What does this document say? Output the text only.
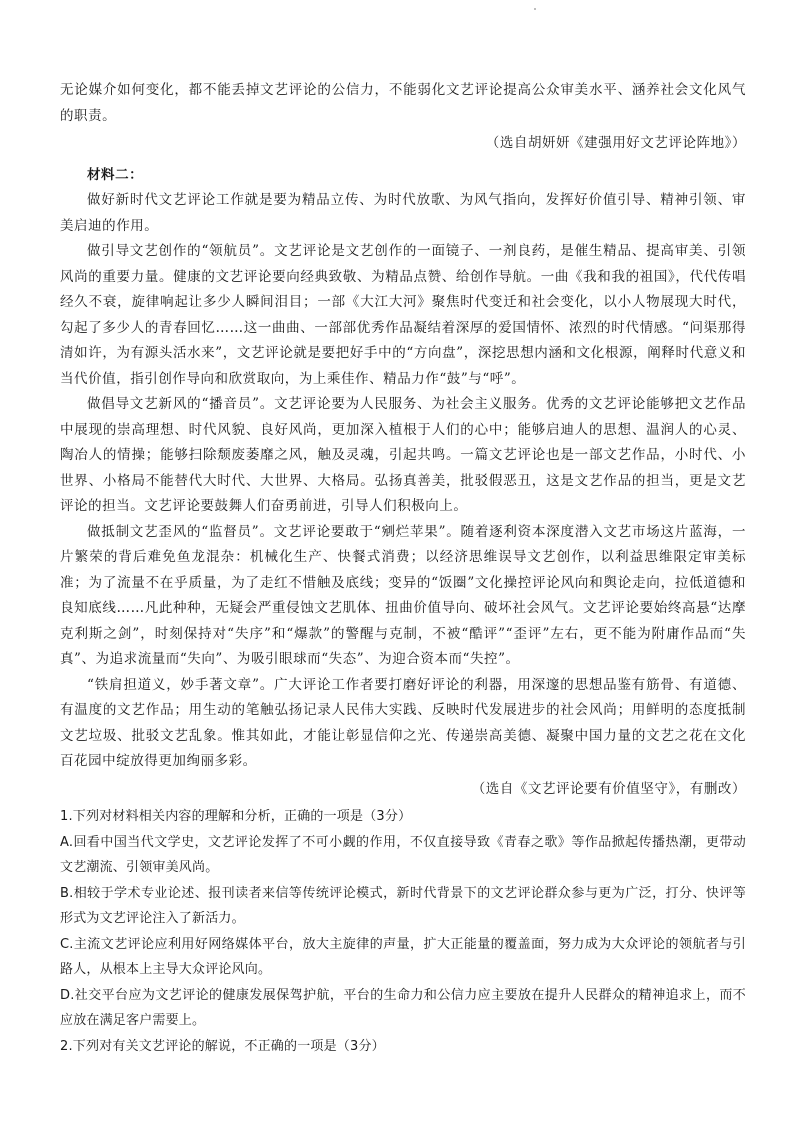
无论媒介如何变化，都不能丢掉文艺评论的公信力，不能弱化文艺评论提高公众审美水平、涵养社会文化风气的职责。

（选自胡妍妍《建强用好文艺评论阵地》）

材料二：

做好新时代文艺评论工作就是要为精品立传、为时代放歌、为风气指向，发挥好价值引导、精神引领、审美启迪的作用。

做引导文艺创作的“领航员”。文艺评论是文艺创作的一面镜子、一剂良药，是催生精品、提高审美、引领风尚的重要力量。健康的文艺评论要向经典致敬、为精品点赞、给创作导航。一曲《我和我的祖国》，代代传唱经久不衰，旋律响起让多少人瞬间泪目；一部《大江大河》聚焦时代变迁和社会变化，以小人物展现大时代，勾起了多少人的青春回忆……这一曲曲、一部部优秀作品凝结着深厚的爱国情怀、浓烈的时代情感。“问渠那得清如许，为有源头活水来”，文艺评论就是要把好手中的“方向盘”，深挖思想内涵和文化根源，阐释时代意义和当代价值，指引创作导向和欣赏取向，为上乘佳作、精品力作“鼓”与“呼”。

做倡导文艺新风的“播音员”。文艺评论要为人民服务、为社会主义服务。优秀的文艺评论能够把文艺作品中展现的崇高理想、时代风貌、良好风尚，更加深入植根于人们的心中；能够启迪人的思想、温润人的心灵、陶冶人的情操；能够扫除颓废萎靡之风，触及灵魂，引起共鸣。一篇文艺评论也是一部文艺作品，小时代、小世界、小格局不能替代大时代、大世界、大格局。弘扬真善美，批驳假恶丑，这是文艺作品的担当，更是文艺评论的担当。文艺评论要鼓舞人们奋勇前进，引导人们积极向上。

做抵制文艺歪风的“监督员”。文艺评论要敢于“剜烂苹果”。随着逐利资本深度潜入文艺市场这片蓝海，一片繁荣的背后难免鱼龙混杂：机械化生产、快餐式消费；以经济思维误导文艺创作，以利益思维限定审美标准；为了流量不在乎质量，为了走红不惜触及底线；变异的“饭圈”文化操控评论风向和舆论走向，拉低道德和良知底线……凡此种种，无疑会严重侵蚀文艺肌体、扭曲价值导向、破坏社会风气。文艺评论要始终高悬“达摩克利斯之剑”，时刻保持对“失序”和“爆款”的警醒与克制，不被“酷评”“歪评”左右，更不能为附庸作品而“失真”、为追求流量而“失向”、为吸引眼球而“失态”、为迎合资本而“失控”。

“铁肩担道义，妙手著文章”。广大评论工作者要打磨好评论的利器，用深邃的思想品鉴有筋骨、有道德、有温度的文艺作品；用生动的笔触弘扬记录人民伟大实践、反映时代发展进步的社会风尚；用鲜明的态度抵制文艺垃圾、批驳文艺乱象。惟其如此，才能让彰显信仰之光、传递崇高美德、凝聚中国力量的文艺之花在文化百花园中绽放得更加绚丽多彩。

（选自《文艺评论要有价值坚守》，有删改）

1.下列对材料相关内容的理解和分析，正确的一项是（3分）

A.回看中国当代文学史，文艺评论发挥了不可小觑的作用，不仅直接导致《青春之歌》等作品掀起传播热潮，更带动文艺潮流、引领审美风尚。

B.相较于学术专业论述、报刊读者来信等传统评论模式，新时代背景下的文艺评论群众参与更为广泛，打分、快评等形式为文艺评论注入了新活力。

C.主流文艺评论应利用好网络媒体平台，放大主旋律的声量，扩大正能量的覆盖面，努力成为大众评论的领航者与引路人，从根本上主导大众评论风向。

D.社交平台应为文艺评论的健康发展保驾护航，平台的生命力和公信力应主要放在提升人民群众的精神追求上，而不应放在满足客户需要上。

2.下列对有关文艺评论的解说，不正确的一项是（3分）
